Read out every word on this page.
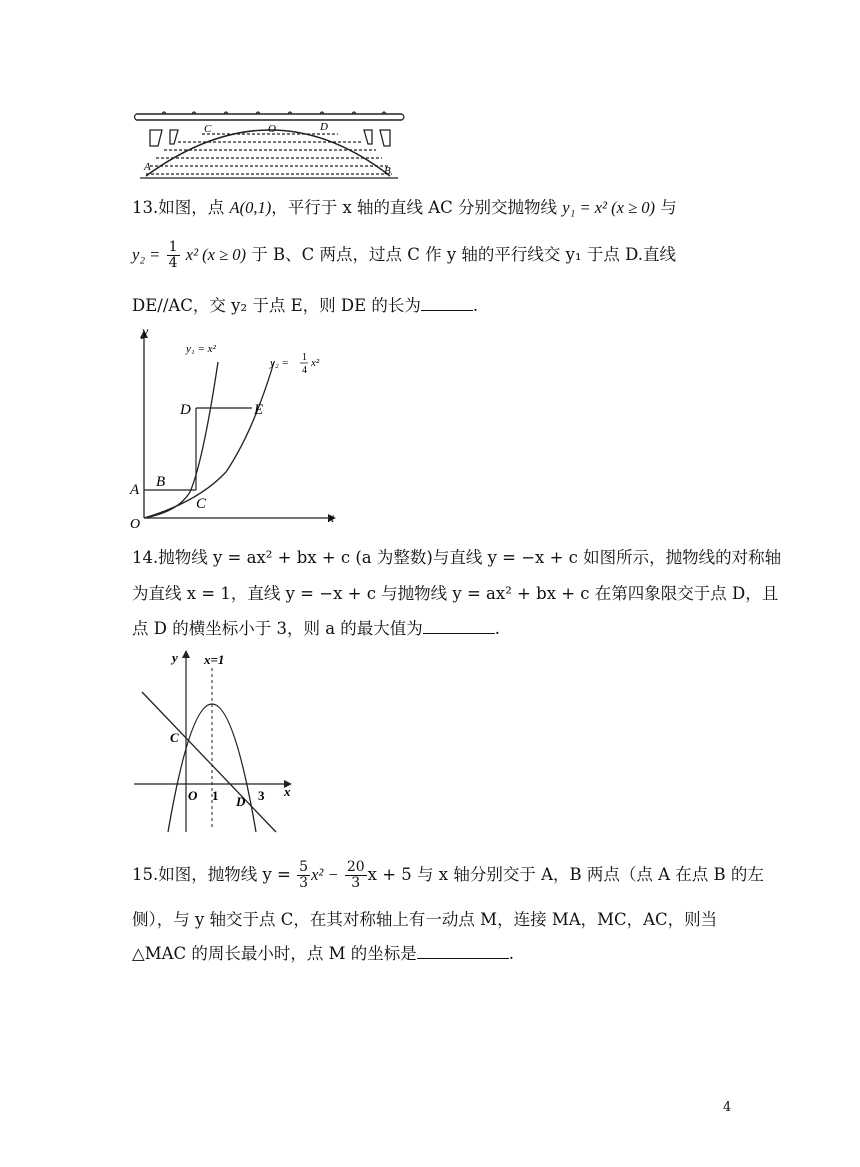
A	B
C	O	D
13.如图，点 A(0,1)，平行于 x 轴的直线 AC 分别交抛物线 y₁ = x² (x ≥ 0) 与
$y_2 = \frac{1}{4} x^2$ (x ≥ 0) 于 B、C 两点，过点 C 作 y 轴的平行线交 y₁ 于点 D.直线
DE//AC，交 y₂ 于点 E，则 DE 的长为	.
y
x
O
y₁ = x²
y₂ = 1
4
x²
A B
C
D	E
14.抛物线 y = ax² + bx + c (a 为整数)与直线 y = −x + c 如图所示，抛物线的对称轴
为直线 x = 1，直线 y = −x + c 与抛物线 y = ax² + bx + c 在第四象限交于点 D，且
点 D 的横坐标小于 3，则 a 的最大值为	.
y
x
x=1
O 1	3
C
D
15.如图，抛物线 $y = \frac{5}{3} x^2 - \frac{20}{3}$ x + 5 与 x 轴分别交于 A，B 两点（点 A 在点 B 的左
侧），与 y 轴交于点 C，在其对称轴上有一动点 M，连接 MA，MC，AC，则当
△MAC 的周长最小时，点 M 的坐标是	.
4
